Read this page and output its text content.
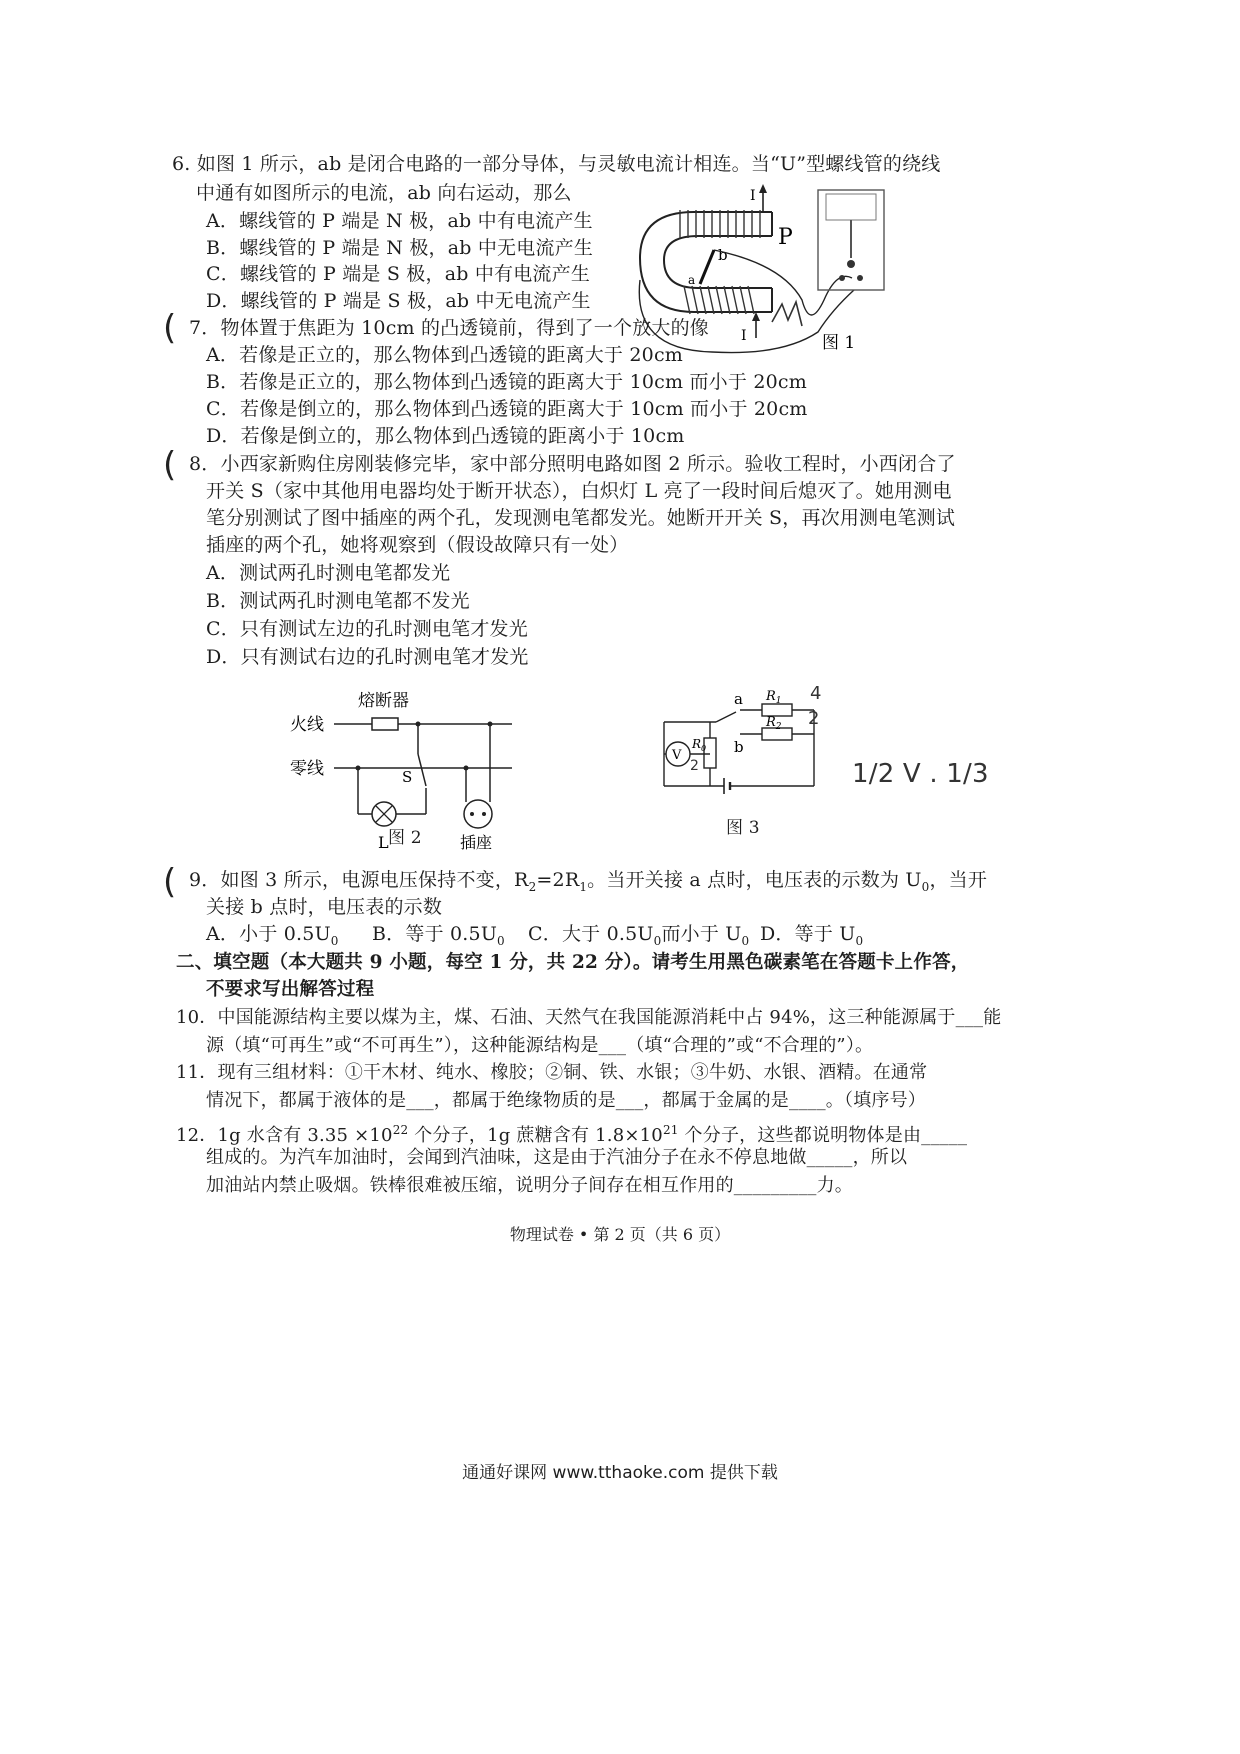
6. 如图 1 所示，ab 是闭合电路的一部分导体，与灵敏电流计相连。当“U”型螺线管的绕线
中通有如图所示的电流，ab 向右运动，那么
A．螺线管的 P 端是 N 极，ab 中有电流产生
B．螺线管的 P 端是 N 极，ab 中无电流产生
C．螺线管的 P 端是 S 极，ab 中有电流产生
D．螺线管的 P 端是 S 极，ab 中无电流产生
b
a
I
I
P
图 1
( 7．物体置于焦距为 10cm 的凸透镜前，得到了一个放大的像
A．若像是正立的，那么物体到凸透镜的距离大于 20cm
B．若像是正立的，那么物体到凸透镜的距离大于 10cm 而小于 20cm
C．若像是倒立的，那么物体到凸透镜的距离大于 10cm 而小于 20cm
D．若像是倒立的，那么物体到凸透镜的距离小于 10cm
( 8．小西家新购住房刚装修完毕，家中部分照明电路如图 2 所示。验收工程时，小西闭合了
开关 S（家中其他用电器均处于断开状态），白炽灯 L 亮了一段时间后熄灭了。她用测电
笔分别测试了图中插座的两个孔，发现测电笔都发光。她断开开关 S，再次用测电笔测试
插座的两个孔，她将观察到（假设故障只有一处）
A．测试两孔时测电笔都发光
B．测试两孔时测电笔都不发光
C．只有测试左边的孔时测电笔才发光
D．只有测试右边的孔时测电笔才发光
熔断器
火线
零线	S
L	插座
图 2
a
b
$R_1$
$R_2$
V
$R_0$
图 3
1/2 V . 1/3
4
2
2
( 9．如图 3 所示，电源电压保持不变，$R_2=2R_1$。当开关接 a 点时，电压表的示数为 $U_0$，当开
关接 b 点时，电压表的示数
A．小于 $0.5U_0$ B．等于 $0.5U_0$ C．大于 $0.5U_0$而小于 $U_0$ D．等于 $U_0$
二、填空题（本大题共 9 小题，每空 1 分，共 22 分）。请考生用黑色碳素笔在答题卡上作答，
不要求写出解答过程
10．中国能源结构主要以煤为主，煤、石油、天然气在我国能源消耗中占 94%，这三种能源属于___能
源（填“可再生”或“不可再生”），这种能源结构是___（填“合理的”或“不合理的”）。
11．现有三组材料：①干木材、纯水、橡胶；②铜、铁、水银；③牛奶、水银、酒精。在通常
情况下，都属于液体的是___，都属于绝缘物质的是___，都属于金属的是____。（填序号）
12．1g 水含有 $3.35 \times 10^{22}$ 个分子，1g 蔗糖含有 $1.8\times 10^{21}$ 个分子，这些都说明物体是由_____
组成的。为汽车加油时，会闻到汽油味，这是由于汽油分子在永不停息地做_____，所以
加油站内禁止吸烟。铁棒很难被压缩，说明分子间存在相互作用的_________力。
物理试卷 • 第 2 页（共 6 页）
通通好课网 www.tthaoke.com 提供下载
